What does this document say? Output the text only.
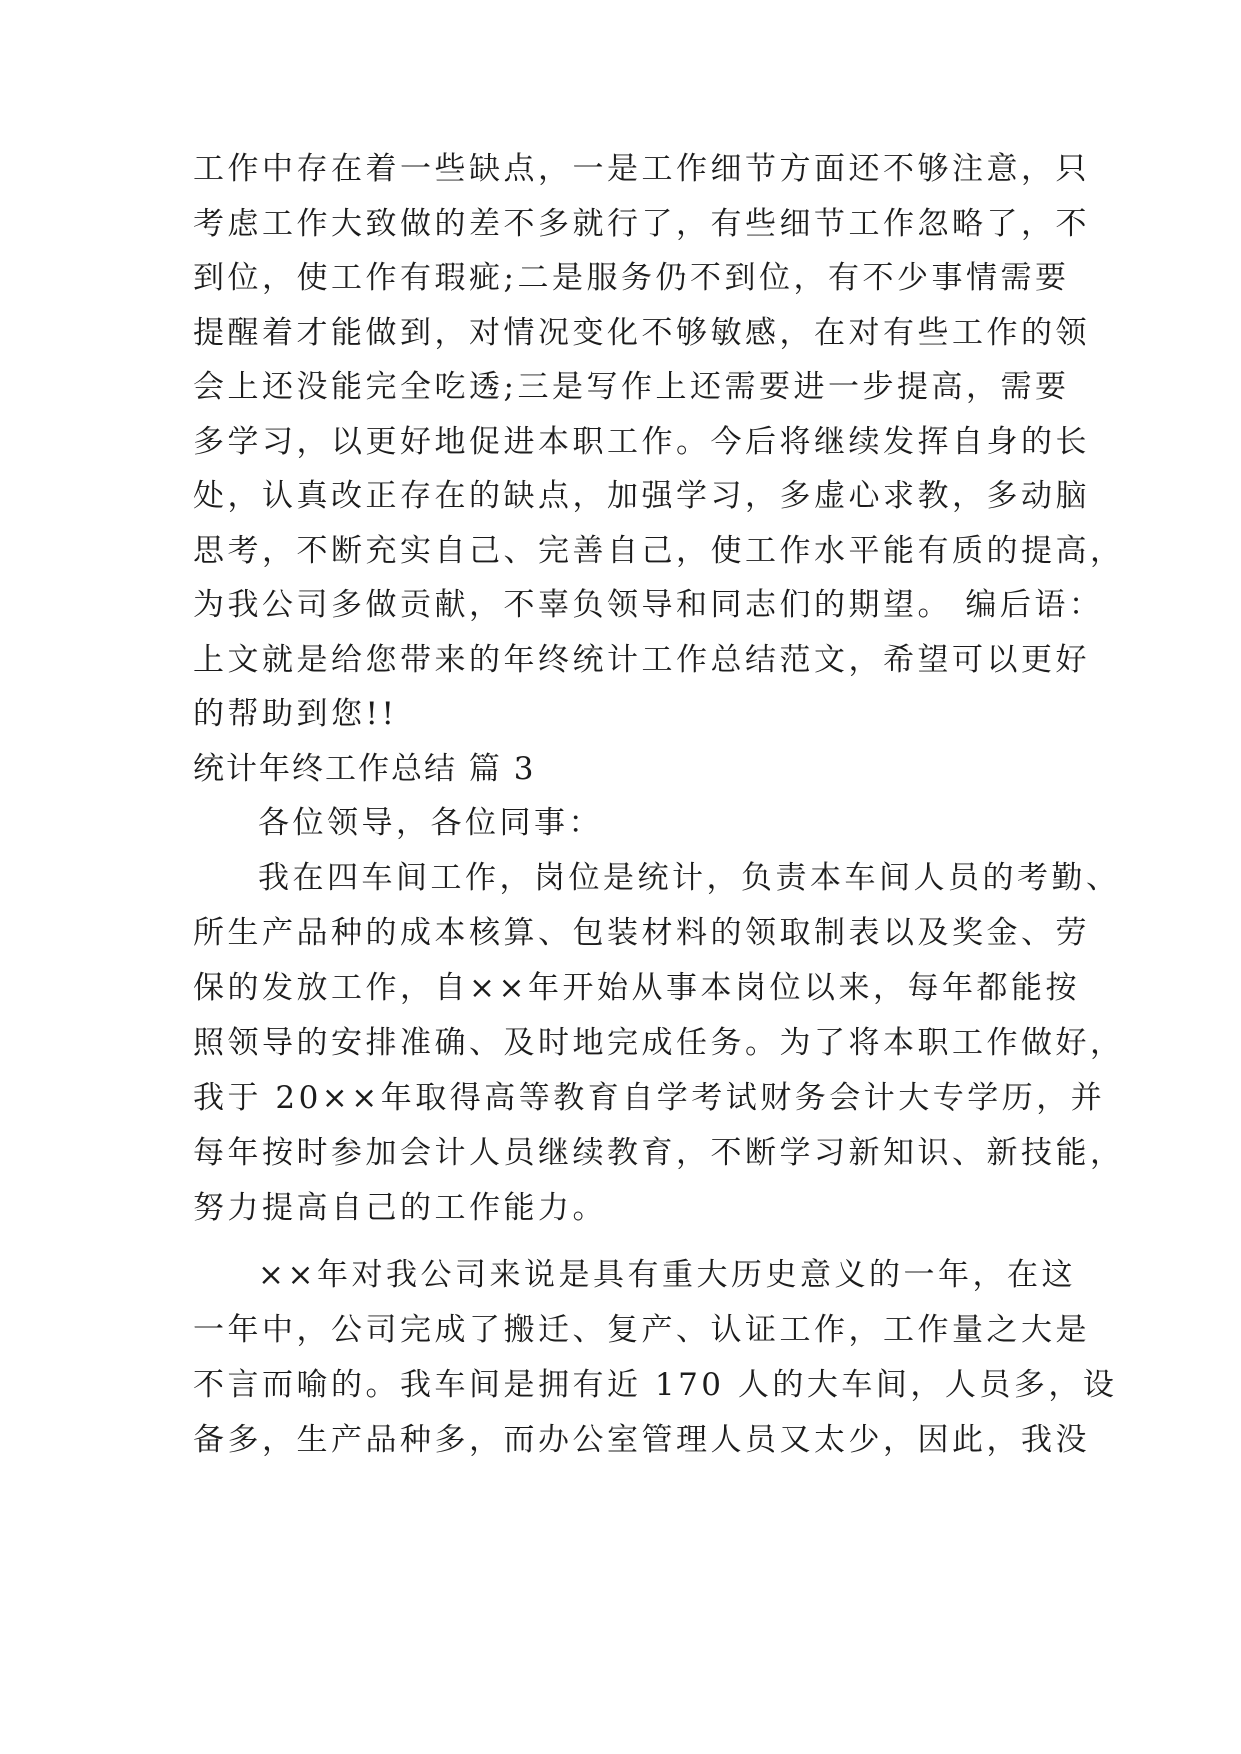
工作中存在着一些缺点，一是工作细节方面还不够注意，只
考虑工作大致做的差不多就行了，有些细节工作忽略了，不
到位，使工作有瑕疵;二是服务仍不到位，有不少事情需要
提醒着才能做到，对情况变化不够敏感，在对有些工作的领
会上还没能完全吃透;三是写作上还需要进一步提高，需要
多学习，以更好地促进本职工作。今后将继续发挥自身的长
处，认真改正存在的缺点，加强学习，多虚心求教，多动脑
思考，不断充实自己、完善自己，使工作水平能有质的提高，
为我公司多做贡献，不辜负领导和同志们的期望。 编后语：
上文就是给您带来的年终统计工作总结范文，希望可以更好
的帮助到您!!
统计年终工作总结 篇 3
各位领导，各位同事：
我在四车间工作，岗位是统计，负责本车间人员的考勤、
所生产品种的成本核算、包装材料的领取制表以及奖金、劳
保的发放工作，自××年开始从事本岗位以来，每年都能按
照领导的安排准确、及时地完成任务。为了将本职工作做好，
我于 20××年取得高等教育自学考试财务会计大专学历，并
每年按时参加会计人员继续教育，不断学习新知识、新技能，
努力提高自己的工作能力。
××年对我公司来说是具有重大历史意义的一年，在这
一年中，公司完成了搬迁、复产、认证工作，工作量之大是
不言而喻的。我车间是拥有近 170 人的大车间，人员多，设
备多，生产品种多，而办公室管理人员又太少，因此，我没
